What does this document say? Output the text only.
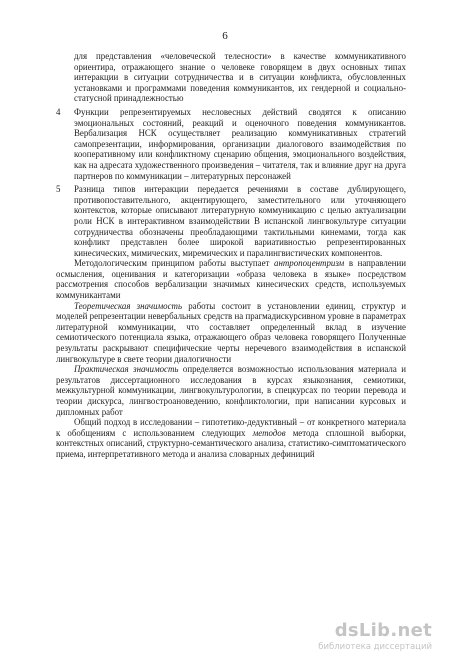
6

для представления «человеческой телесности» в качестве коммуникативного ориентира, отражающего знание о человеке говорящем в двух основных типах интеракции в ситуации сотрудничества и в ситуации конфликта, обусловленных установками и программами поведения коммуникантов, их гендерной и социально-статусной принадлежностью

4	Функции репрезентируемых несловесных действий сводятся к описанию эмоциональных состояний, реакций и оценочного поведения коммуникантов. Вербализация НСК осуществляет реализацию коммуникативных стратегий самопрезентации, информирования, организации диалогового взаимодействия по кооперативному или конфликтному сценарию общения, эмоционального воздействия, как на адресата художественного произведения – читателя, так и влияние друг на друга партнеров по коммуникации – литературных персонажей
5	Разница типов интеракции передается речениями в составе дублирующего, противопоставительного, акцентирующего, заместительного или уточняющего контекстов, которые описывают литературную коммуникацию с целью актуализации роли НСК в интерактивном взаимодействии В испанской лингвокультуре ситуации сотрудничества обозначены преобладающими тактильными кинемами, тогда как конфликт представлен более широкой вариативностью репрезентированных кинесических, мимических, миремических и паралингвистических компонентов.

Методологическим принципом работы выступает антропоцентризм в направлении осмысления, оценивания и категоризации «образа человека в языке» посредством рассмотрения способов вербализации значимых кинесических средств, используемых коммуникантами

Теоретическая значимость работы состоит в установлении единиц, структур и моделей репрезентации невербальных средств на прагмадискурсивном уровне в параметрах литературной коммуникации, что составляет определенный вклад в изучение семиотического потенциала языка, отражающего образ человека говорящего Полученные результаты раскрывают специфические черты неречевого взаимодействия в испанской лингвокультуре в свете теории диалогичности

Практическая значимость определяется возможностью использования материала и результатов диссертационного исследования в курсах языкознания, семиотики, межкультурной коммуникации, лингвокультурологии, в спецкурсах по теории перевода и теории дискурса, лингвостроановедению, конфликтологии, при написании курсовых и дипломных работ

Общий подход в исследовании – гипотетико-дедуктивный – от конкретного материала к обобщениям с использованием следующих методов метода сплошной выборки, контекстных описаний, структурно-семантического анализа, статистико-симптоматического приема, интерпретативного метода и анализа словарных дефиниций

dsLib.net
библиотека диссертаций
